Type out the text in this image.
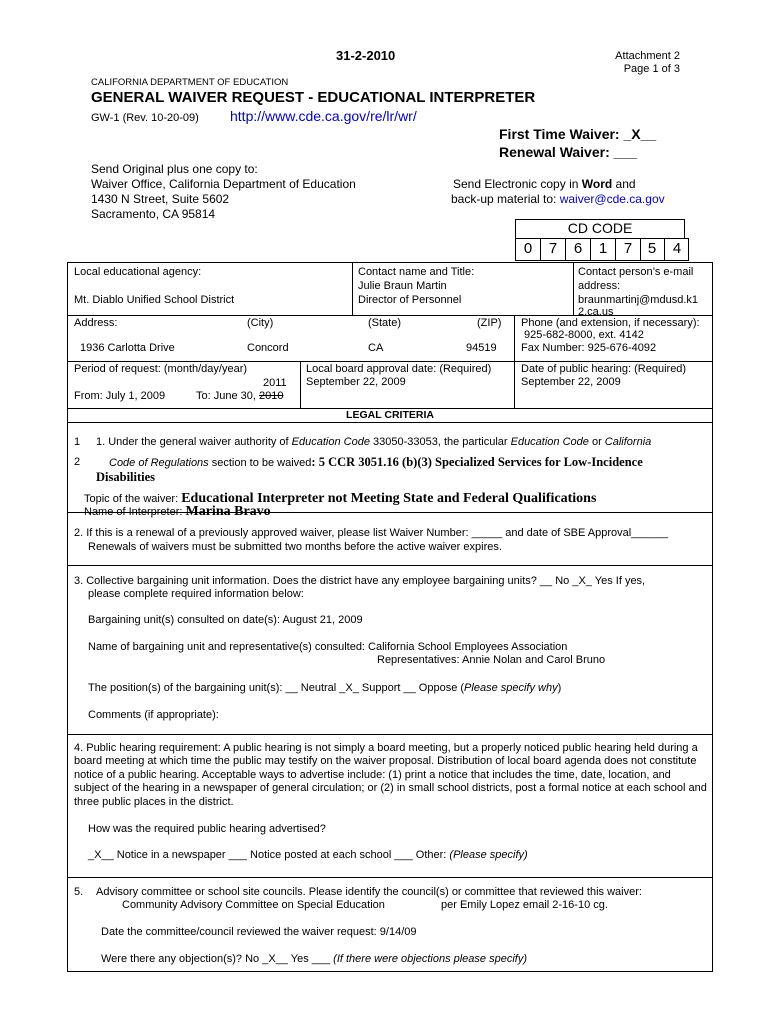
31-2-2010	Attachment 2
Page 1 of 3
CALIFORNIA DEPARTMENT OF EDUCATION
GENERAL WAIVER REQUEST - EDUCATIONAL INTERPRETER
GW-1 (Rev. 10-20-09) http://www.cde.ca.gov/re/lr/wr/
First Time Waiver: _X__
Renewal Waiver: ___
Send Original plus one copy to:
Waiver Office, California Department of Education
1430 N Street, Suite 5602
Sacramento, CA 95814
Send Electronic copy in Word and
back-up material to: waiver@cde.ca.gov
CD CODE
0	7	6	1	7	5	4
Local educational agency:
Mt. Diablo Unified School District
Contact name and Title:
Julie Braun Martin
Director of Personnel
Contact person’s e-mail
address:
braunmartinj@mdusd.k1
2.ca.us
Address:	(City)	(State)	(ZIP)
1936 Carlotta Drive	Concord	CA	94519
Phone (and extension, if necessary):
925-682-8000, ext. 4142
Fax Number: 925-676-4092
Period of request: (month/day/year)
2011
From: July 1, 2009	To: June 30, 2010
Local board approval date: (Required)
September 22, 2009
Date of public hearing: (Required)
September 22, 2009
LEGAL CRITERIA
1 1. Under the general waiver authority of Education Code 33050-33053, the particular Education Code or California
2	Code of Regulations section to be waived: 5 CCR 3051.16 (b)(3) Specialized Services for Low-Incidence
Disabilities
Topic of the waiver: Educational Interpreter not Meeting State and Federal Qualifications
Name of Interpreter: Marina Bravo
2. If this is a renewal of a previously approved waiver, please list Waiver Number: _____ and date of SBE Approval______
Renewals of waivers must be submitted two months before the active waiver expires.
3. Collective bargaining unit information. Does the district have any employee bargaining units? __ No _X_ Yes If yes,
please complete required information below:
Bargaining unit(s) consulted on date(s): August 21, 2009
Name of bargaining unit and representative(s) consulted: California School Employees Association
Representatives: Annie Nolan and Carol Bruno
The position(s) of the bargaining unit(s): __ Neutral _X_ Support __ Oppose (Please specify why)
Comments (if appropriate):
4. Public hearing requirement: A public hearing is not simply a board meeting, but a properly noticed public hearing held during a board meeting at which time the public may testify on the waiver proposal. Distribution of local board agenda does not constitute notice of a public hearing. Acceptable ways to advertise include: (1) print a notice that includes the time, date, location, and subject of the hearing in a newspaper of general circulation; or (2) in small school districts, post a formal notice at each school and three public places in the district.
How was the required public hearing advertised?
_X__ Notice in a newspaper ___ Notice posted at each school ___ Other: (Please specify)
5. Advisory committee or school site councils. Please identify the council(s) or committee that reviewed this waiver:
Community Advisory Committee on Special Education	per Emily Lopez email 2-16-10 cg.
Date the committee/council reviewed the waiver request: 9/14/09
Were there any objection(s)? No _X__ Yes ___ (If there were objections please specify)
